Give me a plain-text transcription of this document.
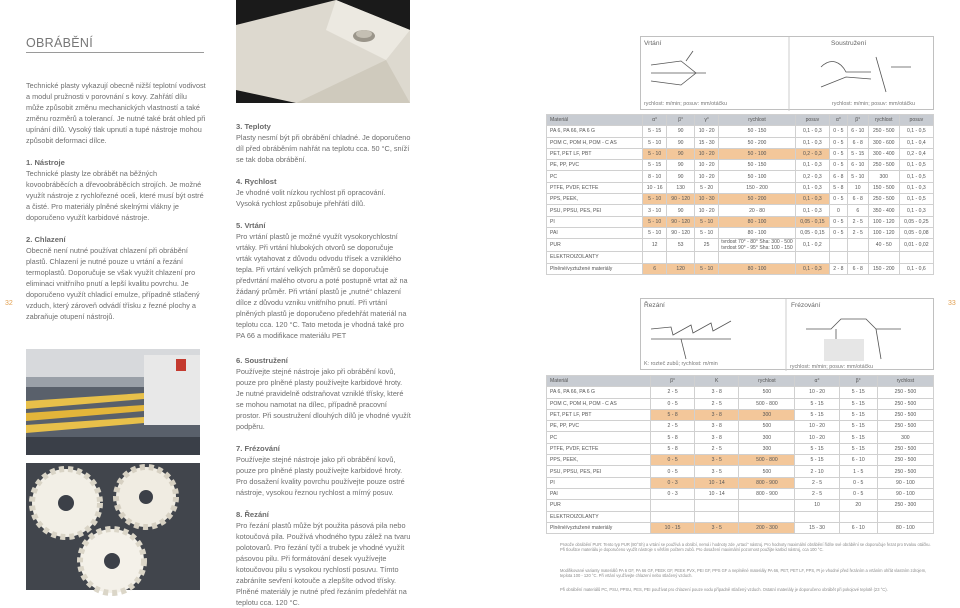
32	33
OBRÁBĚNÍ

Technické plasty vykazují obecně nižší teplotní vodivost a modul pružnosti v porovnání s kovy. Zahřátí dílu může způsobit změnu mechanických vlastností a také změnu rozměrů a tolerancí. Je nutné také brát ohled při upínání dílů. Vysoký tlak upnutí a tupé nástroje mohou způsobit deformaci dílce.

1. Nástroje

Technické plasty lze obrábět na běžných kovoobráběcích a dřevoobráběcích strojích. Je možné využít nástroje z rychlořezné oceli, které musí být ostré a čisté. Pro materiály plněné skelnými vlákny je doporučeno využít karbidové nástroje.

2. Chlazení

Obecně není nutné používat chlazení při obrábění plastů. Chlazení je nutné pouze u vrtání a řezání termoplastů. Doporučuje se však využít chlazení pro eliminaci vnitřního pnutí a lepší kvalitu povrchu. Je doporučeno využít chladicí emulze, případně stlačený vzduch, který zároveň odvádí třísku z řezné plochy a zabraňuje otupení nástrojů.

3. Teploty

Plasty nesmí být při obrábění chladné. Je doporučeno díl před obráběním nahřát na teplotu cca. 50 °C, sníží se tak doba obrábění.

4. Rychlost

Je vhodné volit nízkou rychlost při opracování. Vysoká rychlost způsobuje přehřátí dílů.

5. Vrtání

Pro vrtání plastů je možné využít vysokorychlostní vrtáky. Při vrtání hlubokých otvorů se doporučuje vrták vytahovat z důvodu odvodu třísek a vzniklého tepla. Při vrtání velkých průměrů se doporučuje předvrtání malého otvoru a poté postupně vrtat až na žádaný průměr. Při vrtání plastů je „nutné“ chlazení dílce z důvodu vzniku vnitřního pnutí. Při vrtání plněných plastů je doporučeno předehřát materiál na teplotu cca. 120 °C. Tato metoda je vhodná také pro PA 66 a modifikace materiálu PET

6. Soustružení

Používejte stejné nástroje jako při obrábění kovů, pouze pro plněné plasty používejte karbidové hroty. Je nutné pravidelně odstraňovat vzniklé třísky, které se mohou namotat na dílec, případně pracovní prostor. Při soustružení dlouhých dílů je vhodné využít podpěru.

7. Frézování

Používejte stejné nástroje jako při obrábění kovů, pouze pro plněné plasty používejte karbidové hroty. Pro dosažení kvality povrchu používejte pouze ostré nástroje, vysokou řeznou rychlost a mírný posuv.

8. Řezání

Pro řezání plastů může být použita pásová pila nebo kotoučová pila. Používá vhodného typu zálež na tvaru polotovarů. Pro řezání tyčí a trubek je vhodné využít pásovou pilu. Při formátování desek využívejte kotoučovou pilu s vysokou rychlostí posuvu. Tímto zabráníte sevření kotouče a zlepšíte odvod třísky. Plněné materiály je nutné před řezáním předehřát na teplotu cca. 120 °C.

Vrtání	Soustružení
rychlost: m/min; posuv: mm/otáčku	rychlost: m/min; posuv: mm/otáčku
Materiál	α°	β°	γ°	rychlost	posuv	α°	β°	rychlost	posuv
PA 6, PA 66, PA 6 G	5 - 15	90	10 - 20	50 - 150	0,1 - 0,3	0 - 5	6 - 10	250 - 500	0,1 - 0,5
POM C, POM H, POM - C AS	5 - 10	90	15 - 30	50 - 200	0,1 - 0,3	0 - 5	6 - 8	300 - 600	0,1 - 0,4
PET, PET LF, PBT	5 - 10	90	10 - 20	50 - 100	0,2 - 0,3	0 - 5	5 - 15	300 - 400	0,2 - 0,4
PE, PP, PVC	5 - 15	90	10 - 20	50 - 150	0,1 - 0,3	0 - 5	6 - 10	250 - 500	0,1 - 0,5
PC	8 - 10	90	10 - 20	50 - 100	0,2 - 0,3	6 - 8	5 - 10	300	0,1 - 0,5
PTFE, PVDF, ECTFE	10 - 16	130	5 - 20	150 - 200	0,1 - 0,3	5 - 8	10	150 - 500	0,1 - 0,3
PPS, PEEK,	5 - 10	90 - 120	10 - 30	50 - 200	0,1 - 0,3	0 - 5	6 - 8	250 - 500	0,1 - 0,5
PSU, PPSU, PES, PEI	3 - 10	90	10 - 20	20 - 80	0,1 - 0,3	0	6	350 - 400	0,1 - 0,3
PI	5 - 10	90 - 120	5 - 10	80 - 100	0,05 - 0,15	0 - 5	2 - 5	100 - 120	0,05 - 0,25
PAI	5 - 10	90 - 120	5 - 10	80 - 100	0,05 - 0,15	0 - 5	2 - 5	100 - 120	0,05 - 0,08
PUR	12	53	25	tvrdost 70° - 80° Sha: 300 - 500
tvrdost 90° - 95° Sha: 100 - 150	0,1 - 0,2			40 - 50	0,01 - 0,02
ELEKTROIZOLANTY									
Plněné/vyztužené materiály	6	120	5 - 10	80 - 100	0,1 - 0,3	2 - 8	6 - 8	150 - 200	0,1 - 0,6
Řezání	Frézování
K: rozteč zubů; rychlost: m/min	rychlost: m/min; posuv: mm/otáčku
Materiál	β°	K	rychlost	α°	β°	rychlost
PA 6, PA 66, PA 6 G	2 - 5	3 - 8	500	10 - 20	5 - 15	250 - 500
POM C, POM H, POM - C AS	0 - 5	2 - 5	500 - 800	5 - 15	5 - 15	250 - 500
PET, PET LF, PBT	5 - 8	3 - 8	300	5 - 15	5 - 15	250 - 500
PE, PP, PVC	2 - 5	3 - 8	500	10 - 20	5 - 15	250 - 500
PC	5 - 8	3 - 8	300	10 - 20	5 - 15	300
PTFE, PVDF, ECTFE	5 - 8	2 - 5	300	5 - 15	5 - 15	250 - 500
PPS, PEEK,	0 - 5	3 - 5	500 - 800	5 - 15	6 - 10	250 - 500
PSU, PPSU, PES, PEI	0 - 5	3 - 5	500	2 - 10	1 - 5	250 - 500
PI	0 - 3	10 - 14	800 - 900	2 - 5	0 - 5	90 - 100
PAI	0 - 3	10 - 14	800 - 900	2 - 5	0 - 5	90 - 100
PUR				10	20	250 - 300
ELEKTROIZOLANTY						
Plněné/vyztužené materiály	10 - 15	3 - 5	200 - 300	15 - 30	6 - 10	80 - 100
Protože obrábění PUR: Tento typ PUR (80°Sh) a vrtání se používá a obrábí, nemá i hodnoty zde „vrtací“ nástroj. Pro hodnoty maximální obrábění řídíte své obrábění se doporučuje řezat pro trvalou otáčku. Při tlouštce materiálu je doporučeno využít nástroje s větším počtem zubů. Pro dosažení maximální pozornost použijte karbid nástroj, cca 100 °C.
Modifikované varianty materiálů PA 6 GF, PA 66 GF, PEEK GF, PEEK PVX, PEI GF, PPS GF a neplněné materiály PA 66, PET, PET LF, PPS, PI je vhodné před řezáním a vrtáním ohřát vlastním zdrojem, teplota 100 - 120 °C. Při vrtání využívejte chlazení nebo stlačený vzduch.
Při obrábění materiálů PC, PSU, PPSU, PES, PEI používat pro chlazení pouze vodu případně stlačený vzduch. Ostatní materiály je doporučeno obrábět při pokojové teplotě (23 °C).
